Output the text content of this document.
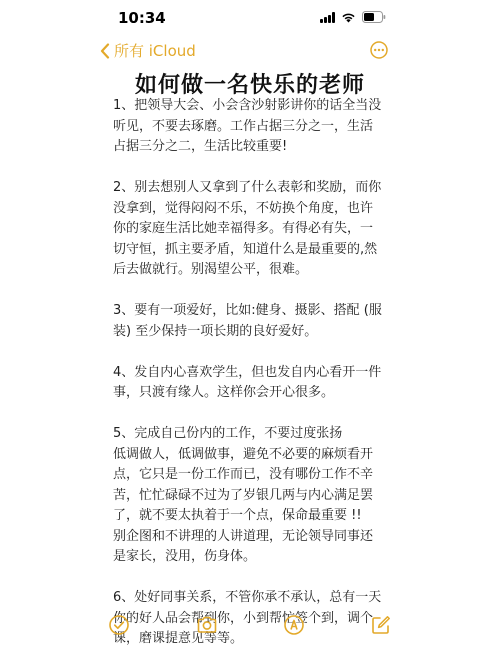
10:34
所有 iCloud
如何做一名快乐的老师
1、把领导大会、小会含沙射影讲你的话全当没
听见，不要去琢磨。工作占据三分之一，生活
占据三分之二，生活比较重要!
2、别去想别人又拿到了什么表彰和奖励，而你
没拿到，觉得闷闷不乐，不妨换个角度，也许
你的家庭生活比她幸福得多。有得必有失，一
切守恒，抓主要矛盾，知道什么是最重要的,然
后去做就行。别渴望公平，很难。
3、要有一项爱好，比如:健身、摄影、搭配 (服
装) 至少保持一项长期的良好爱好。
4、发自内心喜欢学生，但也发自内心看开一件
事，只渡有缘人。这样你会开心很多。
5、完成自己份内的工作，不要过度张扬
低调做人，低调做事，避免不必要的麻烦看开
点，它只是一份工作而已，没有哪份工作不辛
苦，忙忙碌碌不过为了岁银几两与内心满足罢
了，就不要太执着于一个点，保命最重要 !!
别企图和不讲理的人讲道理，无论领导同事还
是家长，没用，伤身体。
6、处好同事关系，不管你承不承认，总有一天
你的好人品会帮到你，小到帮忙签个到，调个
课，磨课提意见等等。
